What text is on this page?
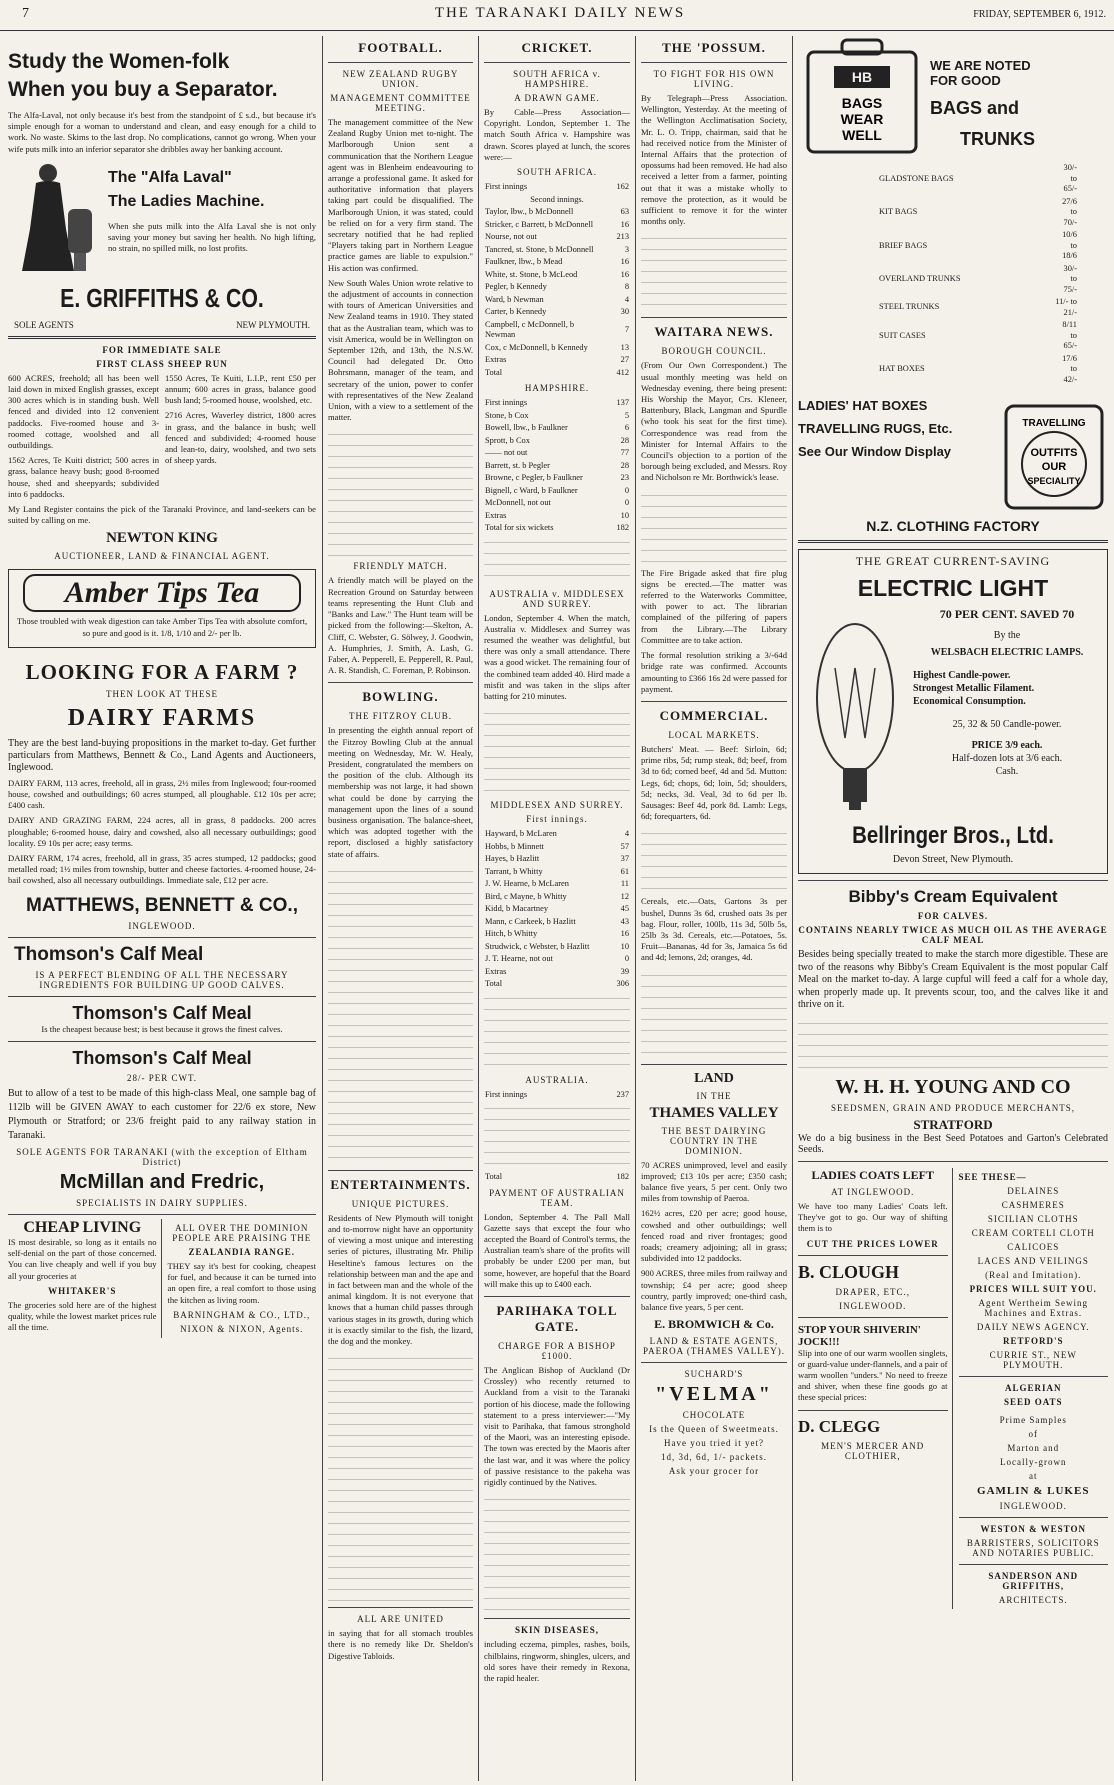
7	THE TARANAKI DAILY NEWS	FRIDAY, SEPTEMBER 6, 1912.
Study the Women-folk
When you buy a Separator.

The Alfa-Laval, not only because it's best from the standpoint of £ s.d., but because it's simple enough for a woman to understand and clean, and easy enough for a child to work. No waste. Skims to the last drop. No complications, cannot go wrong. When your wife puts milk into an inferior separator she dribbles away her banking account.

The "Alfa Laval"
The Ladies Machine.

When she puts milk into the Alfa Laval she is not only saving your money but saving her health. No high lifting, no strain, no spilled milk, no lost profits.

E. GRIFFITHS & CO.
SOLE AGENTS	NEW PLYMOUTH.
FOR IMMEDIATE SALE
FIRST CLASS SHEEP RUN

600 ACRES, freehold; all has been well laid down in mixed English grasses, except 300 acres which is in standing bush. Well fenced and divided into 12 convenient paddocks. Five-roomed house and 3-roomed cottage, woolshed and all outbuildings.

1562 Acres, Te Kuiti district; 500 acres in grass, balance heavy bush; good 8-roomed house, shed and sheepyards; subdivided into 6 paddocks.

1550 Acres, Te Kuiti, L.I.P., rent £50 per annum; 600 acres in grass, balance good bush land; 5-roomed house, woolshed, etc.

2716 Acres, Waverley district, 1800 acres in grass, and the balance in bush; well fenced and subdivided; 4-roomed house and lean-to, dairy, woolshed, and two sets of sheep yards.

My Land Register contains the pick of the Taranaki Province, and land-seekers can be suited by calling on me.

NEWTON KING
AUCTIONEER, LAND & FINANCIAL AGENT.
Amber Tips Tea

Those troubled with weak digestion can take Amber Tips Tea with absolute comfort, so pure and good is it. 1/8, 1/10 and 2/- per lb.

LOOKING FOR A FARM ?
THEN LOOK AT THESE
DAIRY FARMS

They are the best land-buying propositions in the market to-day. Get further particulars from Matthews, Bennett & Co., Land Agents and Auctioneers, Inglewood.

DAIRY FARM, 113 acres, freehold, all in grass, 2½ miles from Inglewood; four-roomed house, cowshed and outbuildings; 60 acres stumped, all ploughable. £12 10s per acre; £400 cash.

DAIRY AND GRAZING FARM, 224 acres, all in grass, 8 paddocks. 200 acres ploughable; 6-roomed house, dairy and cowshed, also all necessary outbuildings; good locality. £9 10s per acre; easy terms.

DAIRY FARM, 174 acres, freehold, all in grass, 35 acres stumped, 12 paddocks; good metalled road; 1½ miles from township, butter and cheese factories. 4-roomed house, 24-bail cowshed, also all necessary outbuildings. Immediate sale, £12 per acre.

MATTHEWS, BENNETT & CO.,
INGLEWOOD.
Thomson's Calf Meal
IS A PERFECT BLENDING OF ALL THE NECESSARY INGREDIENTS FOR BUILDING UP GOOD CALVES.
Thomson's Calf Meal

Is the cheapest because best; is best because it grows the finest calves.

Thomson's Calf Meal
28/- PER CWT.

But to allow of a test to be made of this high-class Meal, one sample bag of 112lb will be GIVEN AWAY to each customer for 22/6 ex store, New Plymouth or Stratford; or 23/6 freight paid to any railway station in Taranaki.

SOLE AGENTS FOR TARANAKI (with the exception of Eltham District)
McMillan and Fredric,
SPECIALISTS IN DAIRY SUPPLIES.
CHEAP LIVING

IS most desirable, so long as it entails no self-denial on the part of those concerned. You can live cheaply and well if you buy all your groceries at

WHITAKER'S

The groceries sold here are of the highest quality, while the lowest market prices rule all the time.

ALL OVER THE DOMINION PEOPLE ARE PRAISING THE
ZEALANDIA RANGE.

THEY say it's best for cooking, cheapest for fuel, and because it can be turned into an open fire, a real comfort to those using the kitchen as living room.

BARNINGHAM & CO., LTD.,
NIXON & NIXON, Agents.
FOOTBALL.
NEW ZEALAND RUGBY UNION.
MANAGEMENT COMMITTEE MEETING.

The management committee of the New Zealand Rugby Union met to-night. The Marlborough Union sent a communication that the Northern League agent was in Blenheim endeavouring to arrange a professional game. It asked for authoritative information that players taking part could be disqualified. The Marlborough Union, it was stated, could be relied on for a very firm stand. The secretary notified that he had replied "Players taking part in Northern League practice games are liable to expulsion." His action was confirmed.

New South Wales Union wrote relative to the adjustment of accounts in connection with tours of American Universities and New Zealand teams in 1910. They stated that as the Australian team, which was to visit America, would be in Wellington on September 12th, and 13th, the N.S.W. Council had delegated Dr. Otto Bohrsmann, manager of the team, and secretary of the union, power to confer with representatives of the New Zealand Union, with a view to a settlement of the matter.

FRIENDLY MATCH.

A friendly match will be played on the Recreation Ground on Saturday between teams representing the Hunt Club and "Banks and Law." The Hunt team will be picked from the following:—Skelton, A. Cliff, C. Webster, G. Sölwey, J. Goodwin, A. Humphries, J. Smith, A. Lash, G. Faber, A. Pepperell, E. Pepperell, R. Paul, A. R. Standish, C. Foreman, P. Robinson.

BOWLING.
THE FITZROY CLUB.

In presenting the eighth annual report of the Fitzroy Bowling Club at the annual meeting on Wednesday, Mr. W. Healy, President, congratulated the members on the position of the club. Although its membership was not large, it had shown what could be done by carrying the management upon the lines of a sound business organisation. The balance-sheet, which was adopted together with the report, disclosed a highly satisfactory state of affairs.

ENTERTAINMENTS.
UNIQUE PICTURES.

Residents of New Plymouth will tonight and to-morrow night have an opportunity of viewing a most unique and interesting series of pictures, illustrating Mr. Philip Heseltine's famous lectures on the relationship between man and the ape and in fact between man and the whole of the animal kingdom. It is not everyone that knows that a human child passes through various stages in its growth, during which it is exactly similar to the fish, the lizard, the dog and the monkey.

ALL ARE UNITED

in saying that for all stomach troubles there is no remedy like Dr. Sheldon's Digestive Tabloids.

CRICKET.
SOUTH AFRICA v. HAMPSHIRE.
A DRAWN GAME.

By Cable—Press Association—Copyright. London, September 1. The match South Africa v. Hampshire was drawn. Scores played at lunch, the scores were:—

SOUTH AFRICA.
First innings	162
Second innings.	
Taylor, lbw., b McDonnell	63
Stricker, c Barrett, b McDonnell	16
Nourse, not out	213
Tancred, st. Stone, b McDonnell	3
Faulkner, lbw., b Mead	16
White, st. Stone, b McLeod	16
Pegler, b Kennedy	8
Ward, b Newman	4
Carter, b Kennedy	30
Campbell, c McDonnell, b Newman	7
Cox, c McDonnell, b Kennedy	13
Extras	27
Total	412
HAMPSHIRE.
First innings	137
Stone, b Cox	5
Bowell, lbw., b Faulkner	6
Sprott, b Cox	28
—— not out	77
Barrett, st. b Pegler	28
Browne, c Pegler, b Faulkner	23
Bignell, c Ward, b Faulkner	0
McDonnell, not out	0
Extras	10
Total for six wickets	182
AUSTRALIA v. MIDDLESEX AND SURREY.

London, September 4. When the match, Australia v. Middlesex and Surrey was resumed the weather was delightful, but there was only a small attendance. There was a good wicket. The remaining four of the combined team added 40. Hird made a misfit and was taken in the slips after batting for 210 minutes.

MIDDLESEX AND SURREY.
First innings.
Hayward, b McLaren	4
Hobbs, b Minnett	57
Hayes, b Hazlitt	37
Tarrant, b Whitty	61
J. W. Hearne, b McLaren	11
Bird, c Mayne, b Whitty	12
Kidd, b Macartney	45
Mann, c Carkeek, b Hazlitt	43
Hitch, b Whitty	16
Strudwick, c Webster, b Hazlitt	10
J. T. Hearne, not out	0
Extras	39
Total	306
AUSTRALIA.
First innings	237
Total	182
PAYMENT OF AUSTRALIAN TEAM.

London, September 4. The Pall Mall Gazette says that except the four who accepted the Board of Control's terms, the Australian team's share of the profits will probably be under £200 per man, but some, however, are hopeful that the Board will make this up to £400 each.

PARIHAKA TOLL GATE.
CHARGE FOR A BISHOP £1000.

The Anglican Bishop of Auckland (Dr Crossley) who recently returned to Auckland from a visit to the Taranaki portion of his diocese, made the following statement to a press interviewer:—"My visit to Parihaka, that famous stronghold of the Maori, was an interesting episode. The town was erected by the Maoris after the last war, and it was where the policy of passive resistance to the pakeha was rigidly continued by the Natives.

SKIN DISEASES,

including eczema, pimples, rashes, boils, chilblains, ringworm, shingles, ulcers, and old sores have their remedy in Rexona, the rapid healer.

THE 'POSSUM.
TO FIGHT FOR HIS OWN LIVING.

By Telegraph—Press Association. Wellington, Yesterday. At the meeting of the Wellington Acclimatisation Society, Mr. L. O. Tripp, chairman, said that he had received notice from the Minister of Internal Affairs that the protection of opossums had been removed. He had also received a letter from a farmer, pointing out that it was a mistake wholly to remove the protection, as it would be sufficient to remove it for the winter months only.

WAITARA NEWS.
BOROUGH COUNCIL.

(From Our Own Correspondent.) The usual monthly meeting was held on Wednesday evening, there being present: His Worship the Mayor, Crs. Kleneer, Battenbury, Black, Langman and Spurdle (who took his seat for the first time). Correspondence was read from the Minister for Internal Affairs to the Council's objection to a portion of the borough being excluded, and Messrs. Roy and Nicholson re Mr. Borthwick's lease.

The Fire Brigade asked that fire plug signs be erected.—The matter was referred to the Waterworks Committee, with power to act. The librarian complained of the pilfering of papers from the Library.—The Library Committee are to take action.

The formal resolution striking a 3/-64d bridge rate was confirmed. Accounts amounting to £366 16s 2d were passed for payment.

COMMERCIAL.
LOCAL MARKETS.

Butchers' Meat. — Beef: Sirloin, 6d; prime ribs, 5d; rump steak, 8d; beef, from 3d to 6d; corned beef, 4d and 5d. Mutton: Legs, 6d; chops, 6d; loin, 5d; shoulders, 5d; necks, 3d. Veal, 3d to 6d per lb. Sausages: Beef 4d, pork 8d. Lamb: Legs, 6d; forequarters, 6d.

Cereals, etc.—Oats, Gartons 3s per bushel, Dunns 3s 6d, crushed oats 3s per bag. Flour, roller, 100lb, 11s 3d, 50lb 5s, 25lb 3s 3d. Cereals, etc.—Potatoes, 5s. Fruit—Bananas, 4d for 3s, Jamaica 5s 6d and 4d; lemons, 2d; oranges, 4d.

LAND
IN THE
THAMES VALLEY
THE BEST DAIRYING COUNTRY IN THE DOMINION.

70 ACRES unimproved, level and easily improved; £13 10s per acre; £350 cash; balance five years, 5 per cent. Only two miles from township of Paeroa.

162½ acres, £20 per acre; good house, cowshed and other outbuildings; well fenced road and river frontages; good roads; creamery adjoining; all in grass; subdivided into 12 paddocks.

900 ACRES, three miles from railway and township; £4 per acre; good sheep country, partly improved; one-third cash, balance five years, 5 per cent.

E. BROMWICH & Co.
LAND & ESTATE AGENTS, PAEROA (THAMES VALLEY).
SUCHARD'S
"VELMA"
CHOCOLATE
Is the Queen of Sweetmeats.
Have you tried it yet?
1d, 3d, 6d, 1/- packets.
Ask your grocer for
HB
BAGS
WEAR
WELL
WE ARE NOTED
FOR GOOD
BAGS and
TRUNKS
GLADSTONE BAGS	30/- to 65/-
KIT BAGS	27/6 to 70/-
BRIEF BAGS	10/6 to 18/6
OVERLAND TRUNKS	30/- to 75/-
STEEL TRUNKS	11/- to 21/-
SUIT CASES	8/11 to 65/-
HAT BOXES	17/6 to 42/-
LADIES' HAT BOXES
TRAVELLING RUGS, Etc.
See Our Window Display
TRAVELLING
OUTFITS
OUR
SPECIALITY
N.Z. CLOTHING FACTORY
THE GREAT CURRENT-SAVING
ELECTRIC LIGHT
70 PER CENT. SAVED 70
By the
WELSBACH ELECTRIC LAMPS.
Highest Candle-power.
Strongest Metallic Filament.
Economical Consumption.
25, 32 & 50 Candle-power.
PRICE 3/9 each.
Half-dozen lots at 3/6 each.
Cash.
Bellringer Bros., Ltd.
Devon Street, New Plymouth.
Bibby's Cream Equivalent
FOR CALVES.
CONTAINS NEARLY TWICE AS MUCH OIL AS THE AVERAGE CALF MEAL

Besides being specially treated to make the starch more digestible. These are two of the reasons why Bibby's Cream Equivalent is the most popular Calf Meal on the market to-day. A large cupful will feed a calf for a whole day, when properly made up. It prevents scour, too, and the calves like it and thrive on it.

W. H. H. YOUNG AND CO
SEEDSMEN, GRAIN AND PRODUCE MERCHANTS,
STRATFORD

We do a big business in the Best Seed Potatoes and Garton's Celebrated Seeds.

LADIES COATS LEFT
AT INGLEWOOD.

We have too many Ladies' Coats left. They've got to go. Our way of shifting them is to

CUT THE PRICES LOWER
B. CLOUGH
DRAPER, ETC.,
INGLEWOOD.
STOP YOUR SHIVERIN' JOCK!!!

Slip into one of our warm woollen singlets, or guard-value under-flannels, and a pair of warm woollen "unders." No need to freeze and shiver, when these fine goods go at these special prices:

D. CLEGG
MEN'S MERCER AND CLOTHIER,
SEE THESE—
DELAINES
CASHMERES
SICILIAN CLOTHS
CREAM CORTELI CLOTH
CALICOES
LACES AND VEILINGS
(Real and Imitation).
PRICES WILL SUIT YOU.
Agent Wertheim Sewing Machines and Extras.
DAILY NEWS AGENCY.
RETFORD'S
CURRIE ST., NEW PLYMOUTH.
ALGERIAN
SEED OATS
Prime Samples
of
Marton and
Locally-grown
at
GAMLIN & LUKES
INGLEWOOD.
WESTON & WESTON
BARRISTERS, SOLICITORS AND NOTARIES PUBLIC.
SANDERSON AND GRIFFITHS,
ARCHITECTS.
